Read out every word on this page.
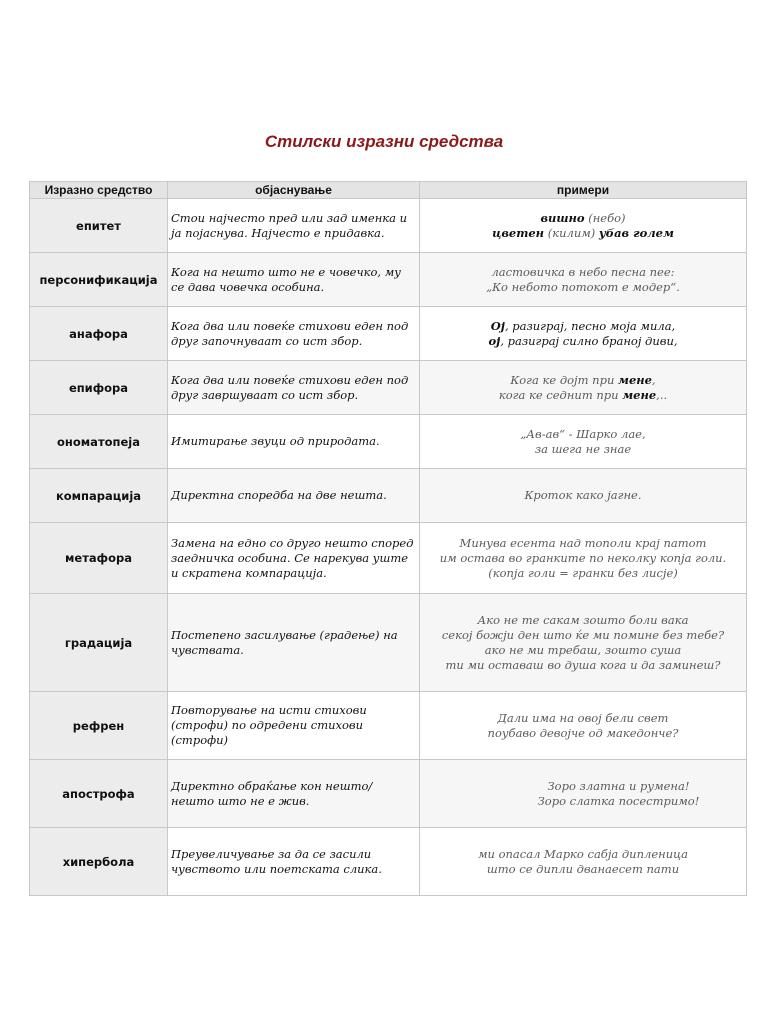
Стилски изразни средства
Изразно средство	објаснување	примери
епитет	Стои најчесто пред или зад именка и ја појаснува. Најчесто е придавка.	вишно (небо)
цветен (килим) убав голем

персонификација	Кога на нешто што не е човечко, му се дава човечка особина.	ластовичка в небо песна пее:
„Ко небото потокот е модер“.

анафора	Кога два или повеќе стихови еден под друг започнуваат со ист збор.	Ој, разиграј, песно моја мила,
ој, разиграј силно браној диви,

епифора	Кога два или повеќе стихови еден под друг завршуваат со ист збор.	Кога ке дојт при мене,
кога ке седнит при мене,..

ономатопеја	Имитирање звуци од природата.	„Ав-ав“ - Шарко лае,
за шега не знае

компарација	Директна споредба на две нешта.	Кроток како јагне.

метафора	Замена на едно со друго нешто според заедничка особина. Се нарекува уште и скратена компарација.	Минува есента над тополи крај патот
им остава во гранките по неколку копја голи.
(копја голи = гранки без лисје)

градација	Постепено засилување (градење) на чувствата.	Ако не те сакам зошто боли вака
секој божји ден што ќе ми помине без тебе?
ако не ми требаш, зошто суша
ти ми оставаш во душа кога и да заминеш?

рефрен	Повторување на исти стихови (строфи) по одредени стихови (строфи)	Дали има на овој бели свет
поубаво девојче од македонче?

апострофа	Директно обраќање кон нешто/ нешто што не е жив.	Зоро златна и румена!
Зоро слатка посестримо!

хипербола	Преувеличување за да се засили чувството или поетската слика.	ми опасал Марко сабја дипленица
што се дипли дванаесет пати
